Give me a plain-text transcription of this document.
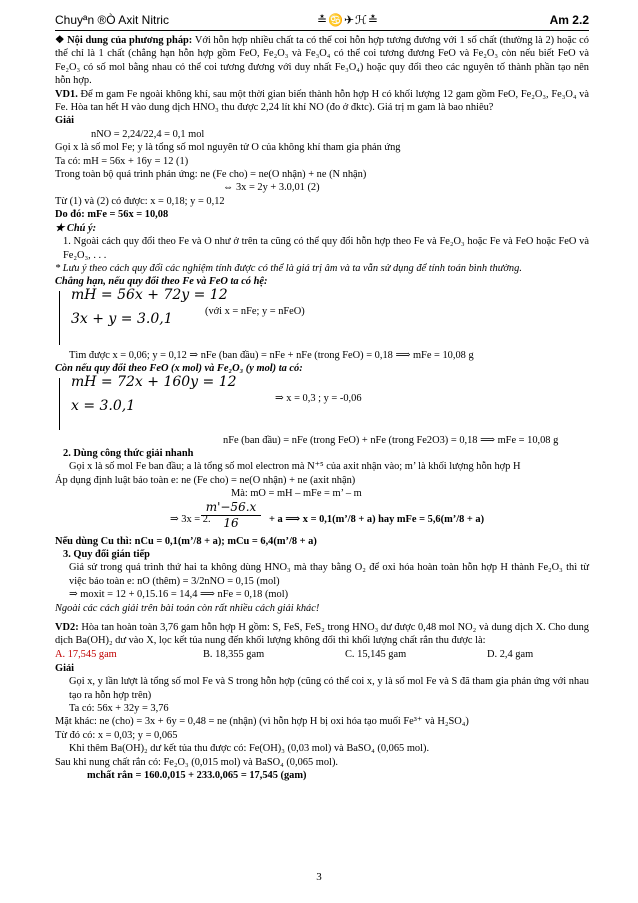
Chuyªn ®Ò Axit Nitric	≛♋✈ℋ≛	Am 2.2

❖ Nội dung của phương pháp: Với hỗn hợp nhiều chất ta có thể coi hỗn hợp tương đương với 1 số chất (thường là 2) hoặc có thể chỉ là 1 chất (chẳng hạn hỗn hợp gồm FeO, Fe₂O₃ và Fe₃O₄ có thể coi tương đương FeO và Fe₂O₃ còn nếu biết FeO và Fe₂O₃ có số mol bằng nhau có thể coi tương đương với duy nhất Fe₃O₄) hoặc quy đổi theo các nguyên tố thành phần tạo nên hỗn hợp.

VD1. Để m gam Fe ngoài không khí, sau một thời gian biến thành hỗn hợp H có khối lượng 12 gam gồm FeO, Fe₂O₃, Fe₃O₄ và Fe. Hòa tan hết H vào dung dịch HNO₃ thu được 2,24 lít khí NO (đo ở đktc). Giá trị m gam là bao nhiêu?

Giải

nNO = 2,24/22,4 = 0,1 mol

Gọi x là số mol Fe; y là tổng số mol nguyên tử O của không khí tham gia phản ứng

Ta có: mH = 56x + 16y = 12 (1)

Trong toàn bộ quá trình phản ứng: ne (Fe cho) = ne(O nhận) + ne (N nhận)

⇔ 3x = 2y + 3.0,01 (2)

Từ (1) và (2) có được: x = 0,18; y = 0,12

Do đó: mFe = 56x = 10,08

★ Chú ý:

1. Ngoài cách quy đổi theo Fe và O như ở trên ta cũng có thể quy đổi hỗn hợp theo Fe và Fe₂O₃ hoặc Fe và FeO hoặc FeO và Fe₂O₃, . . .

* Lưu ý theo cách quy đổi các nghiệm tính được có thể là giá trị âm và ta vẫn sử dụng để tính toán bình thường.

Chẳng hạn, nếu quy đổi theo Fe và FeO ta có hệ:

mH = 56x + 72y = 12
3x + y = 3.0,1	(với x = nFe; y = nFeO)

Tìm được x = 0,06; y = 0,12 ⇒ nFe (ban đầu) = nFe + nFe (trong FeO) = 0,18 ⟹ mFe = 10,08 g

Còn nếu quy đổi theo FeO (x mol) và Fe₂O₃ (y mol) ta có:

mH = 72x + 160y = 12
x = 3.0,1	⇒ x = 0,3 ; y = -0,06

nFe (ban đầu) = nFe (trong FeO) + nFe (trong Fe2O3) = 0,18 ⟹ mFe = 10,08 g

2. Dùng công thức giải nhanh

Gọi x là số mol Fe ban đầu; a là tổng số mol electron mà N⁺⁵ của axit nhận vào; m’ là khối lượng hỗn hợp H

Áp dụng định luật bảo toàn e: ne (Fe cho) = ne(O nhận) + ne (axit nhận)

Mà: mO = mH – mFe = m’ – m

⇒ 3x = 2.
$\frac{m'-56.x}{16} + a$ ⟹ x = 0,1(m’/8 + a) hay mFe = 5,6(m’/8 + a)

Nếu dùng Cu thì: nCu = 0,1(m’/8 + a); mCu = 6,4(m’/8 + a)

3. Quy đổi gián tiếp

Giả sử trong quá trình thứ hai ta không dùng HNO₃ mà thay bằng O₂ để oxi hóa hoàn toàn hỗn hợp H thành Fe₂O₃ thì từ việc bảo toàn e: nO (thêm) = 3/2nNO = 0,15 (mol)

⇒ moxit = 12 + 0,15.16 = 14,4 ⟹ nFe = 0,18 (mol)

Ngoài các cách giải trên bài toán còn rất nhiều cách giải khác!

VD2: Hòa tan hoàn toàn 3,76 gam hỗn hợp H gồm: S, FeS, FeS₂ trong HNO₃ dư được 0,48 mol NO₂ và dung dịch X. Cho dung dịch Ba(OH)₂ dư vào X, lọc kết tủa nung đến khối lượng không đổi thì khối lượng chất rắn thu được là:

A. 17,545 gam	B. 18,355 gam	C. 15,145 gam	D. 2,4 gam

Giải

Gọi x, y lần lượt là tổng số mol Fe và S trong hỗn hợp (cũng có thể coi x, y là số mol Fe và S đã tham gia phản ứng với nhau tạo ra hỗn hợp trên)

Ta có: 56x + 32y = 3,76

Mặt khác: ne (cho) = 3x + 6y = 0,48 = ne (nhận) (vì hỗn hợp H bị oxi hóa tạo muối Fe³⁺ và H₂SO₄)

Từ đó có: x = 0,03; y = 0,065

Khi thêm Ba(OH)₂ dư kết tủa thu được có: Fe(OH)₃ (0,03 mol) và BaSO₄ (0,065 mol).

Sau khi nung chất rắn có: Fe₂O₃ (0,015 mol) và BaSO₄ (0,065 mol).

mchất rắn = 160.0,015 + 233.0,065 = 17,545 (gam)

3
